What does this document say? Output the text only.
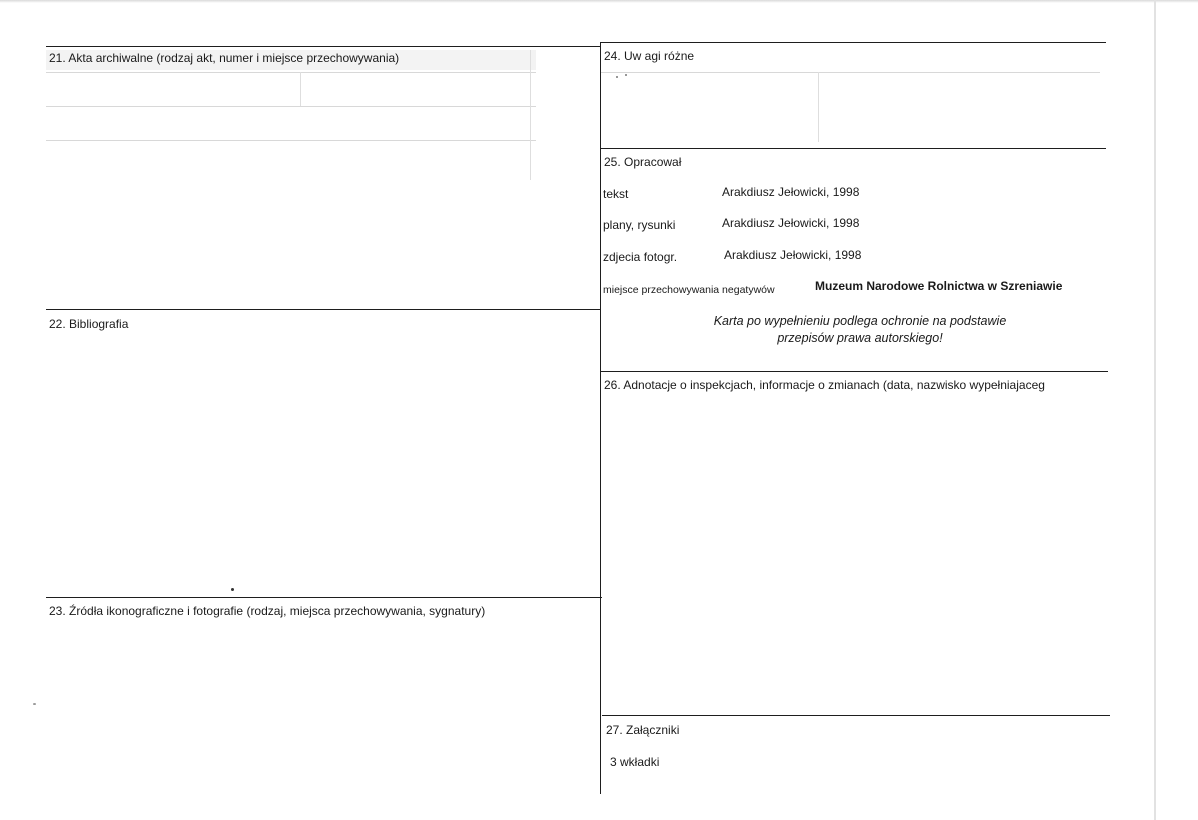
21. Akta archiwalne (rodzaj akt, numer i miejsce przechowywania)
22. Bibliografia
23. Źródła ikonograficzne i fotografie (rodzaj, miejsca przechowywania, sygnatury)
24. Uw agi różne
25. Opracował
tekst	Arakdiusz Jełowicki, 1998
plany, rysunki	Arakdiusz Jełowicki, 1998
zdjecia fotogr.	Arakdiusz Jełowicki, 1998
miejsce przechowywania negatywów	Muzeum Narodowe Rolnictwa w Szreniawie
Karta po wypełnieniu podlega ochronie na podstawie
przepisów prawa autorskiego!
26. Adnotacje o inspekcjach, informacje o zmianach (data, nazwisko wypełniajaceg
27. Załączniki
3 wkładki
